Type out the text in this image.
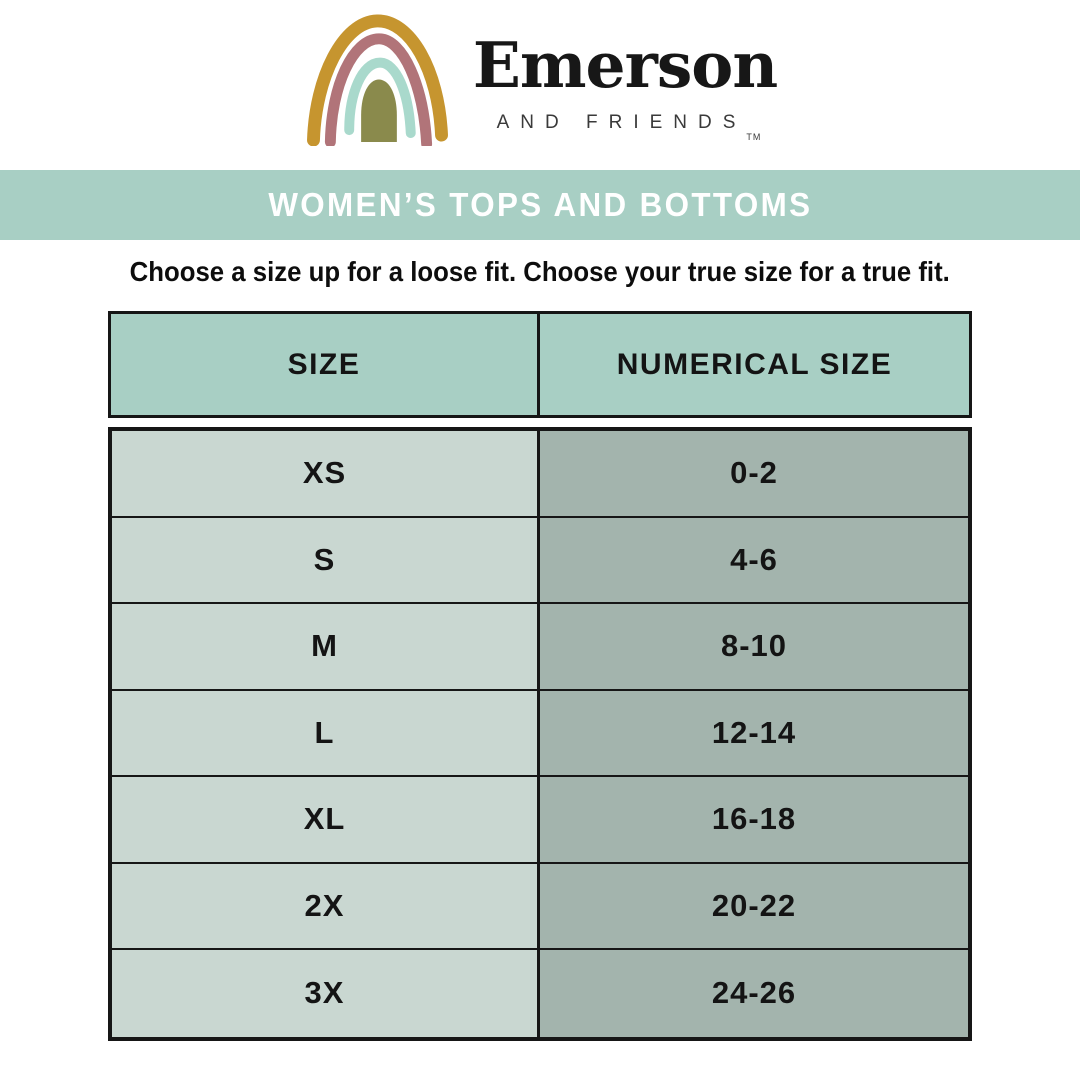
Emerson
AND FRIENDS
TM
WOMEN’S TOPS AND BOTTOMS
Choose a size up for a loose fit. Choose your true size for a true fit.
SIZE	NUMERICAL SIZE
XS	0-2
S	4-6
M	8-10
L	12-14
XL	16-18
2X	20-22
3X	24-26
